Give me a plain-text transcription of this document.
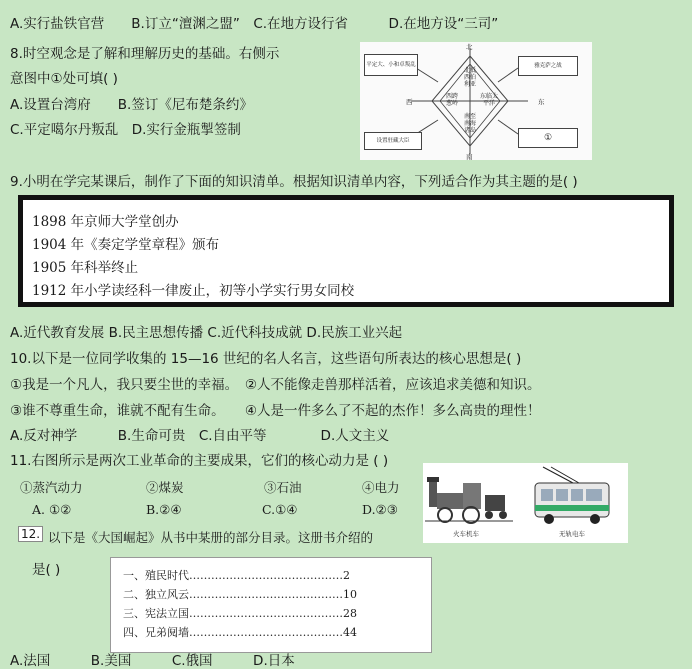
A.实行盐铁官营　　B.订立“澶渊之盟”　C.在地方设行省　　　D.在地方设“三司”
8.时空观念是了解和理解历史的基础。右侧示
意图中①处可填( )
A.设置台湾府　　B.签订《尼布楚条约》
C.平定噶尔丹叛乱　D.实行金瓶掣签制
北
南
西	东
平定大、小和卓叛乱	雅克萨之战
设置驻藏大臣	①
北抵西伯利亚
西跨葱岭
东临太平洋
南至南海诸岛
9.小明在学完某课后，制作了下面的知识清单。根据知识清单内容，下列适合作为其主题的是( )
1898 年京师大学堂创办
1904 年《奏定学堂章程》颁布
1905 年科举终止
1912 年小学读经科一律废止，初等小学实行男女同校
A.近代教育发展 B.民主思想传播 C.近代科技成就 D.民族工业兴起
10.以下是一位同学收集的 15—16 世纪的名人名言，这些语句所表达的核心思想是( )
①我是一个凡人，我只要尘世的幸福。　②人不能像走兽那样活着，应该追求美德和知识。
③谁不尊重生命，谁就不配有生命。　　④人是一件多么了不起的杰作！多么高贵的理性！
A.反对神学　　　B.生命可贵　C.自由平等　　　　D.人文主义
11.右图所示是两次工业革命的主要成果，它们的核心动力是 ( )
①蒸汽动力	②煤炭	③石油	④电力
A. ①②	B.②④	C.①④	D.②③
火车机车	无轨电车
12. 以下是《大国崛起》从书中某册的部分目录。这册书介绍的
是( )	一、殖民时代……………………………………2
二、独立风云……………………………………10
三、宪法立国……………………………………28
四、兄弟阋墙……………………………………44
A.法国　　　B.美国　　　C.俄国　　　D.日本
